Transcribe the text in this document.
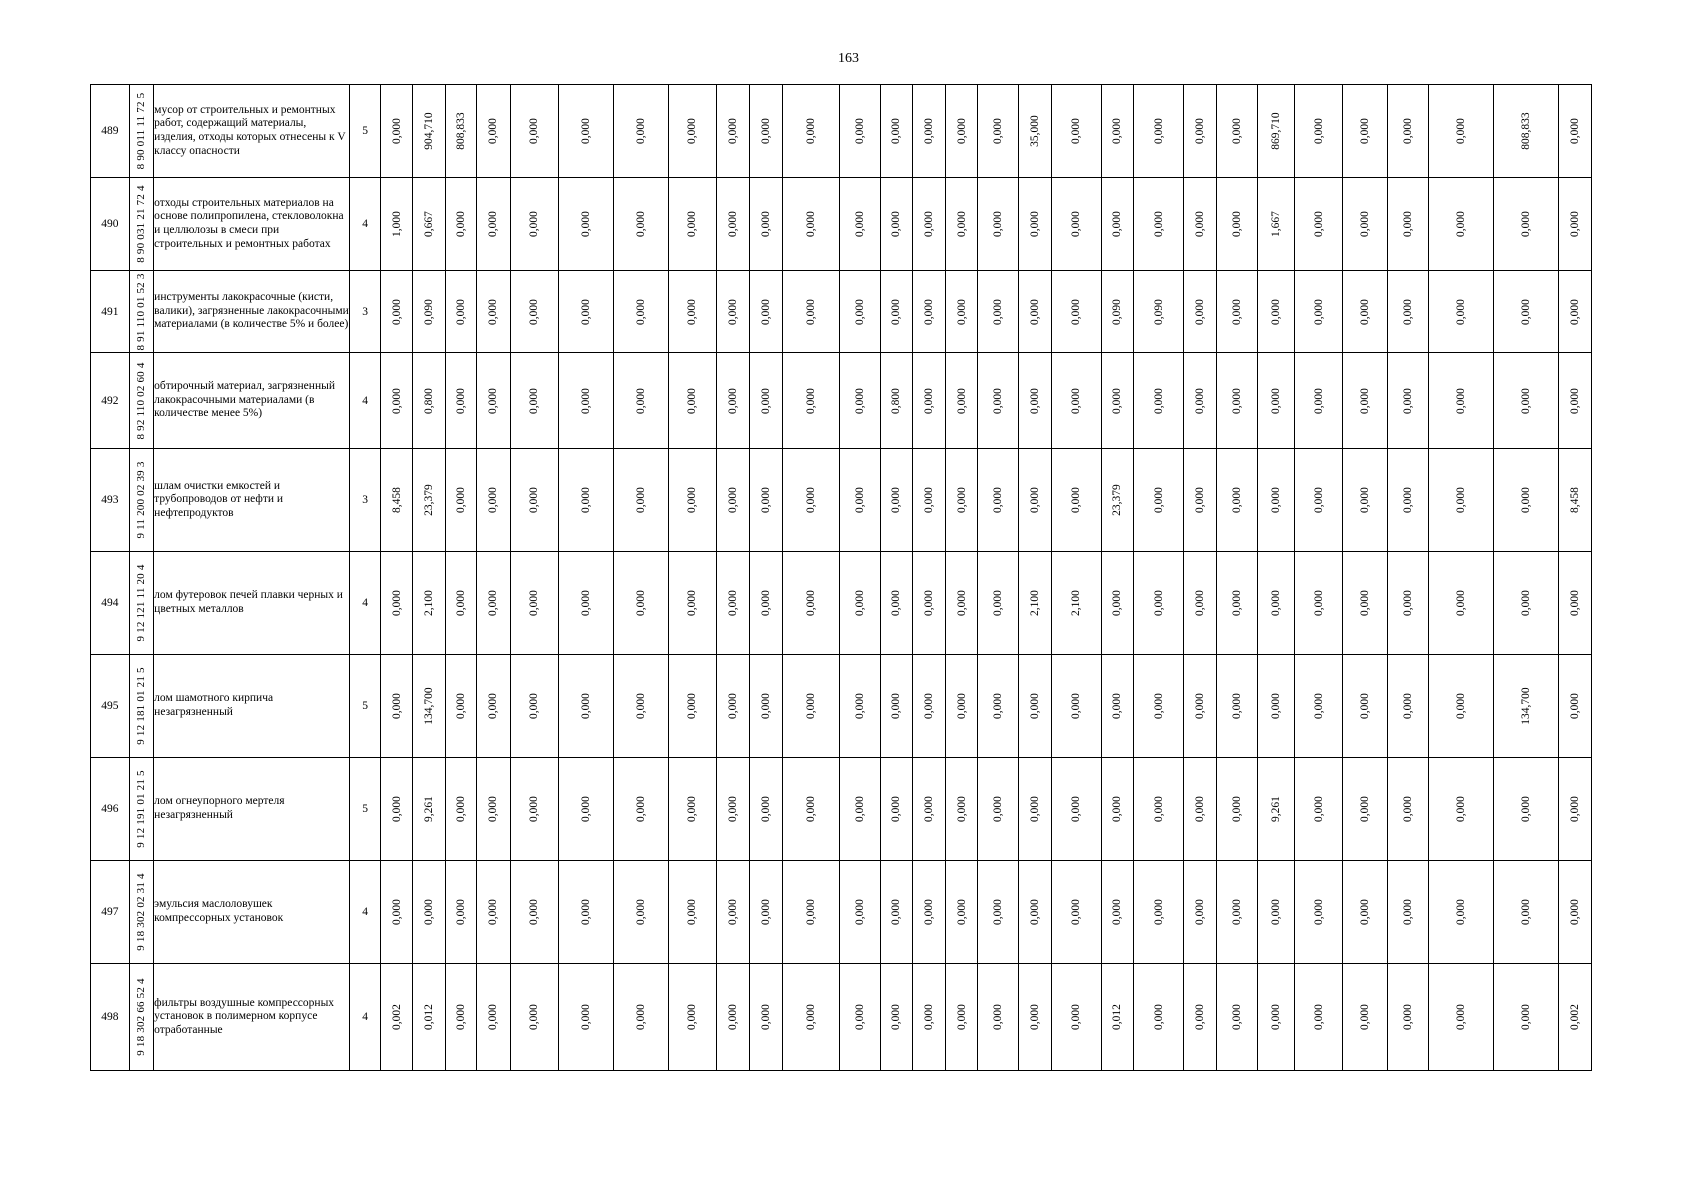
163
489	8 90 011 11 72 5	мусор от строительных и ремонтных работ, содержащий материалы, изделия, отходы которых отнесены к V классу опасности	5	0,000	904,710	808,833	0,000	0,000	0,000	0,000	0,000	0,000	0,000	0,000	0,000	0,000	0,000	0,000	0,000	35,000	0,000	0,000	0,000	0,000	0,000	869,710	0,000	0,000	0,000	0,000	808,833	0,000

490	8 90 031 21 72 4	отходы строительных материалов на основе полипропилена, стекловолокна и целлюлозы в смеси при строительных и ремонтных работах	4	1,000	0,667	0,000	0,000	0,000	0,000	0,000	0,000	0,000	0,000	0,000	0,000	0,000	0,000	0,000	0,000	0,000	0,000	0,000	0,000	0,000	0,000	1,667	0,000	0,000	0,000	0,000	0,000	0,000

491	8 91 110 01 52 3	инструменты лакокрасочные (кисти, валики), загрязненные лакокрасочными материалами (в количестве 5% и более)	3	0,000	0,090	0,000	0,000	0,000	0,000	0,000	0,000	0,000	0,000	0,000	0,000	0,000	0,000	0,000	0,000	0,000	0,000	0,090	0,090	0,000	0,000	0,000	0,000	0,000	0,000	0,000	0,000	0,000

492	8 92 110 02 60 4	обтирочный материал, загрязненный лакокрасочными материалами (в количестве менее 5%)	4	0,000	0,800	0,000	0,000	0,000	0,000	0,000	0,000	0,000	0,000	0,000	0,000	0,800	0,000	0,000	0,000	0,000	0,000	0,000	0,000	0,000	0,000	0,000	0,000	0,000	0,000	0,000	0,000	0,000

493	9 11 200 02 39 3	шлам очистки емкостей и трубопроводов от нефти и нефтепродуктов	3	8,458	23,379	0,000	0,000	0,000	0,000	0,000	0,000	0,000	0,000	0,000	0,000	0,000	0,000	0,000	0,000	0,000	0,000	23,379	0,000	0,000	0,000	0,000	0,000	0,000	0,000	0,000	0,000	8,458

494	9 12 121 11 20 4	лом футеровок печей плавки черных и цветных металлов	4	0,000	2,100	0,000	0,000	0,000	0,000	0,000	0,000	0,000	0,000	0,000	0,000	0,000	0,000	0,000	0,000	2,100	2,100	0,000	0,000	0,000	0,000	0,000	0,000	0,000	0,000	0,000	0,000	0,000

495	9 12 181 01 21 5	лом шамотного кирпича незагрязненный	5	0,000	134,700	0,000	0,000	0,000	0,000	0,000	0,000	0,000	0,000	0,000	0,000	0,000	0,000	0,000	0,000	0,000	0,000	0,000	0,000	0,000	0,000	0,000	0,000	0,000	0,000	0,000	134,700	0,000

496	9 12 191 01 21 5	лом огнеупорного мертеля незагрязненный	5	0,000	9,261	0,000	0,000	0,000	0,000	0,000	0,000	0,000	0,000	0,000	0,000	0,000	0,000	0,000	0,000	0,000	0,000	0,000	0,000	0,000	0,000	9,261	0,000	0,000	0,000	0,000	0,000	0,000

497	9 18 302 02 31 4	эмульсия маслоловушек компрессорных установок	4	0,000	0,000	0,000	0,000	0,000	0,000	0,000	0,000	0,000	0,000	0,000	0,000	0,000	0,000	0,000	0,000	0,000	0,000	0,000	0,000	0,000	0,000	0,000	0,000	0,000	0,000	0,000	0,000	0,000

498	9 18 302 66 52 4	фильтры воздушные компрессорных установок в полимерном корпусе отработанные	4	0,002	0,012	0,000	0,000	0,000	0,000	0,000	0,000	0,000	0,000	0,000	0,000	0,000	0,000	0,000	0,000	0,000	0,000	0,012	0,000	0,000	0,000	0,000	0,000	0,000	0,000	0,000	0,000	0,002
